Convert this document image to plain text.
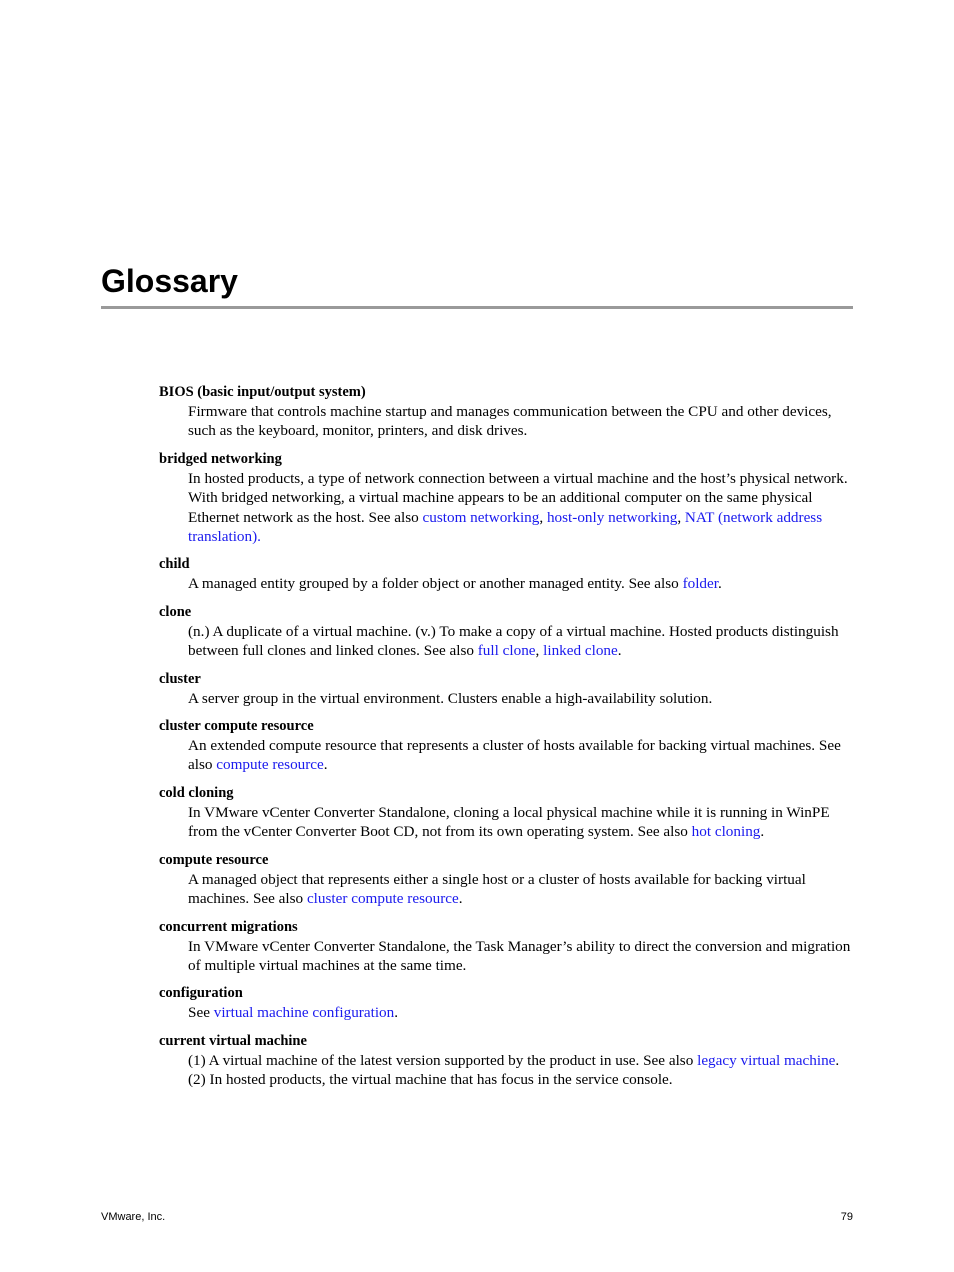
Glossary
BIOS (basic input/output system)
Firmware that controls machine startup and manages communication between the CPU and other devices, such as the keyboard, monitor, printers, and disk drives.
bridged networking
In hosted products, a type of network connection between a virtual machine and the host’s physical network. With bridged networking, a virtual machine appears to be an additional computer on the same physical Ethernet network as the host. See also custom networking, host-only networking, NAT (network address translation).
child
A managed entity grouped by a folder object or another managed entity. See also folder.
clone
(n.) A duplicate of a virtual machine. (v.) To make a copy of a virtual machine. Hosted products distinguish between full clones and linked clones. See also full clone, linked clone.
cluster
A server group in the virtual environment. Clusters enable a high-availability solution.
cluster compute resource
An extended compute resource that represents a cluster of hosts available for backing virtual machines. See also compute resource.
cold cloning
In VMware vCenter Converter Standalone, cloning a local physical machine while it is running in WinPE from the vCenter Converter Boot CD, not from its own operating system. See also hot cloning.
compute resource
A managed object that represents either a single host or a cluster of hosts available for backing virtual machines. See also cluster compute resource.
concurrent migrations
In VMware vCenter Converter Standalone, the Task Manager’s ability to direct the conversion and migration of multiple virtual machines at the same time.
configuration
See virtual machine configuration.
current virtual machine
(1) A virtual machine of the latest version supported by the product in use. See also legacy virtual machine. (2) In hosted products, the virtual machine that has focus in the service console.
VMware, Inc.	79
